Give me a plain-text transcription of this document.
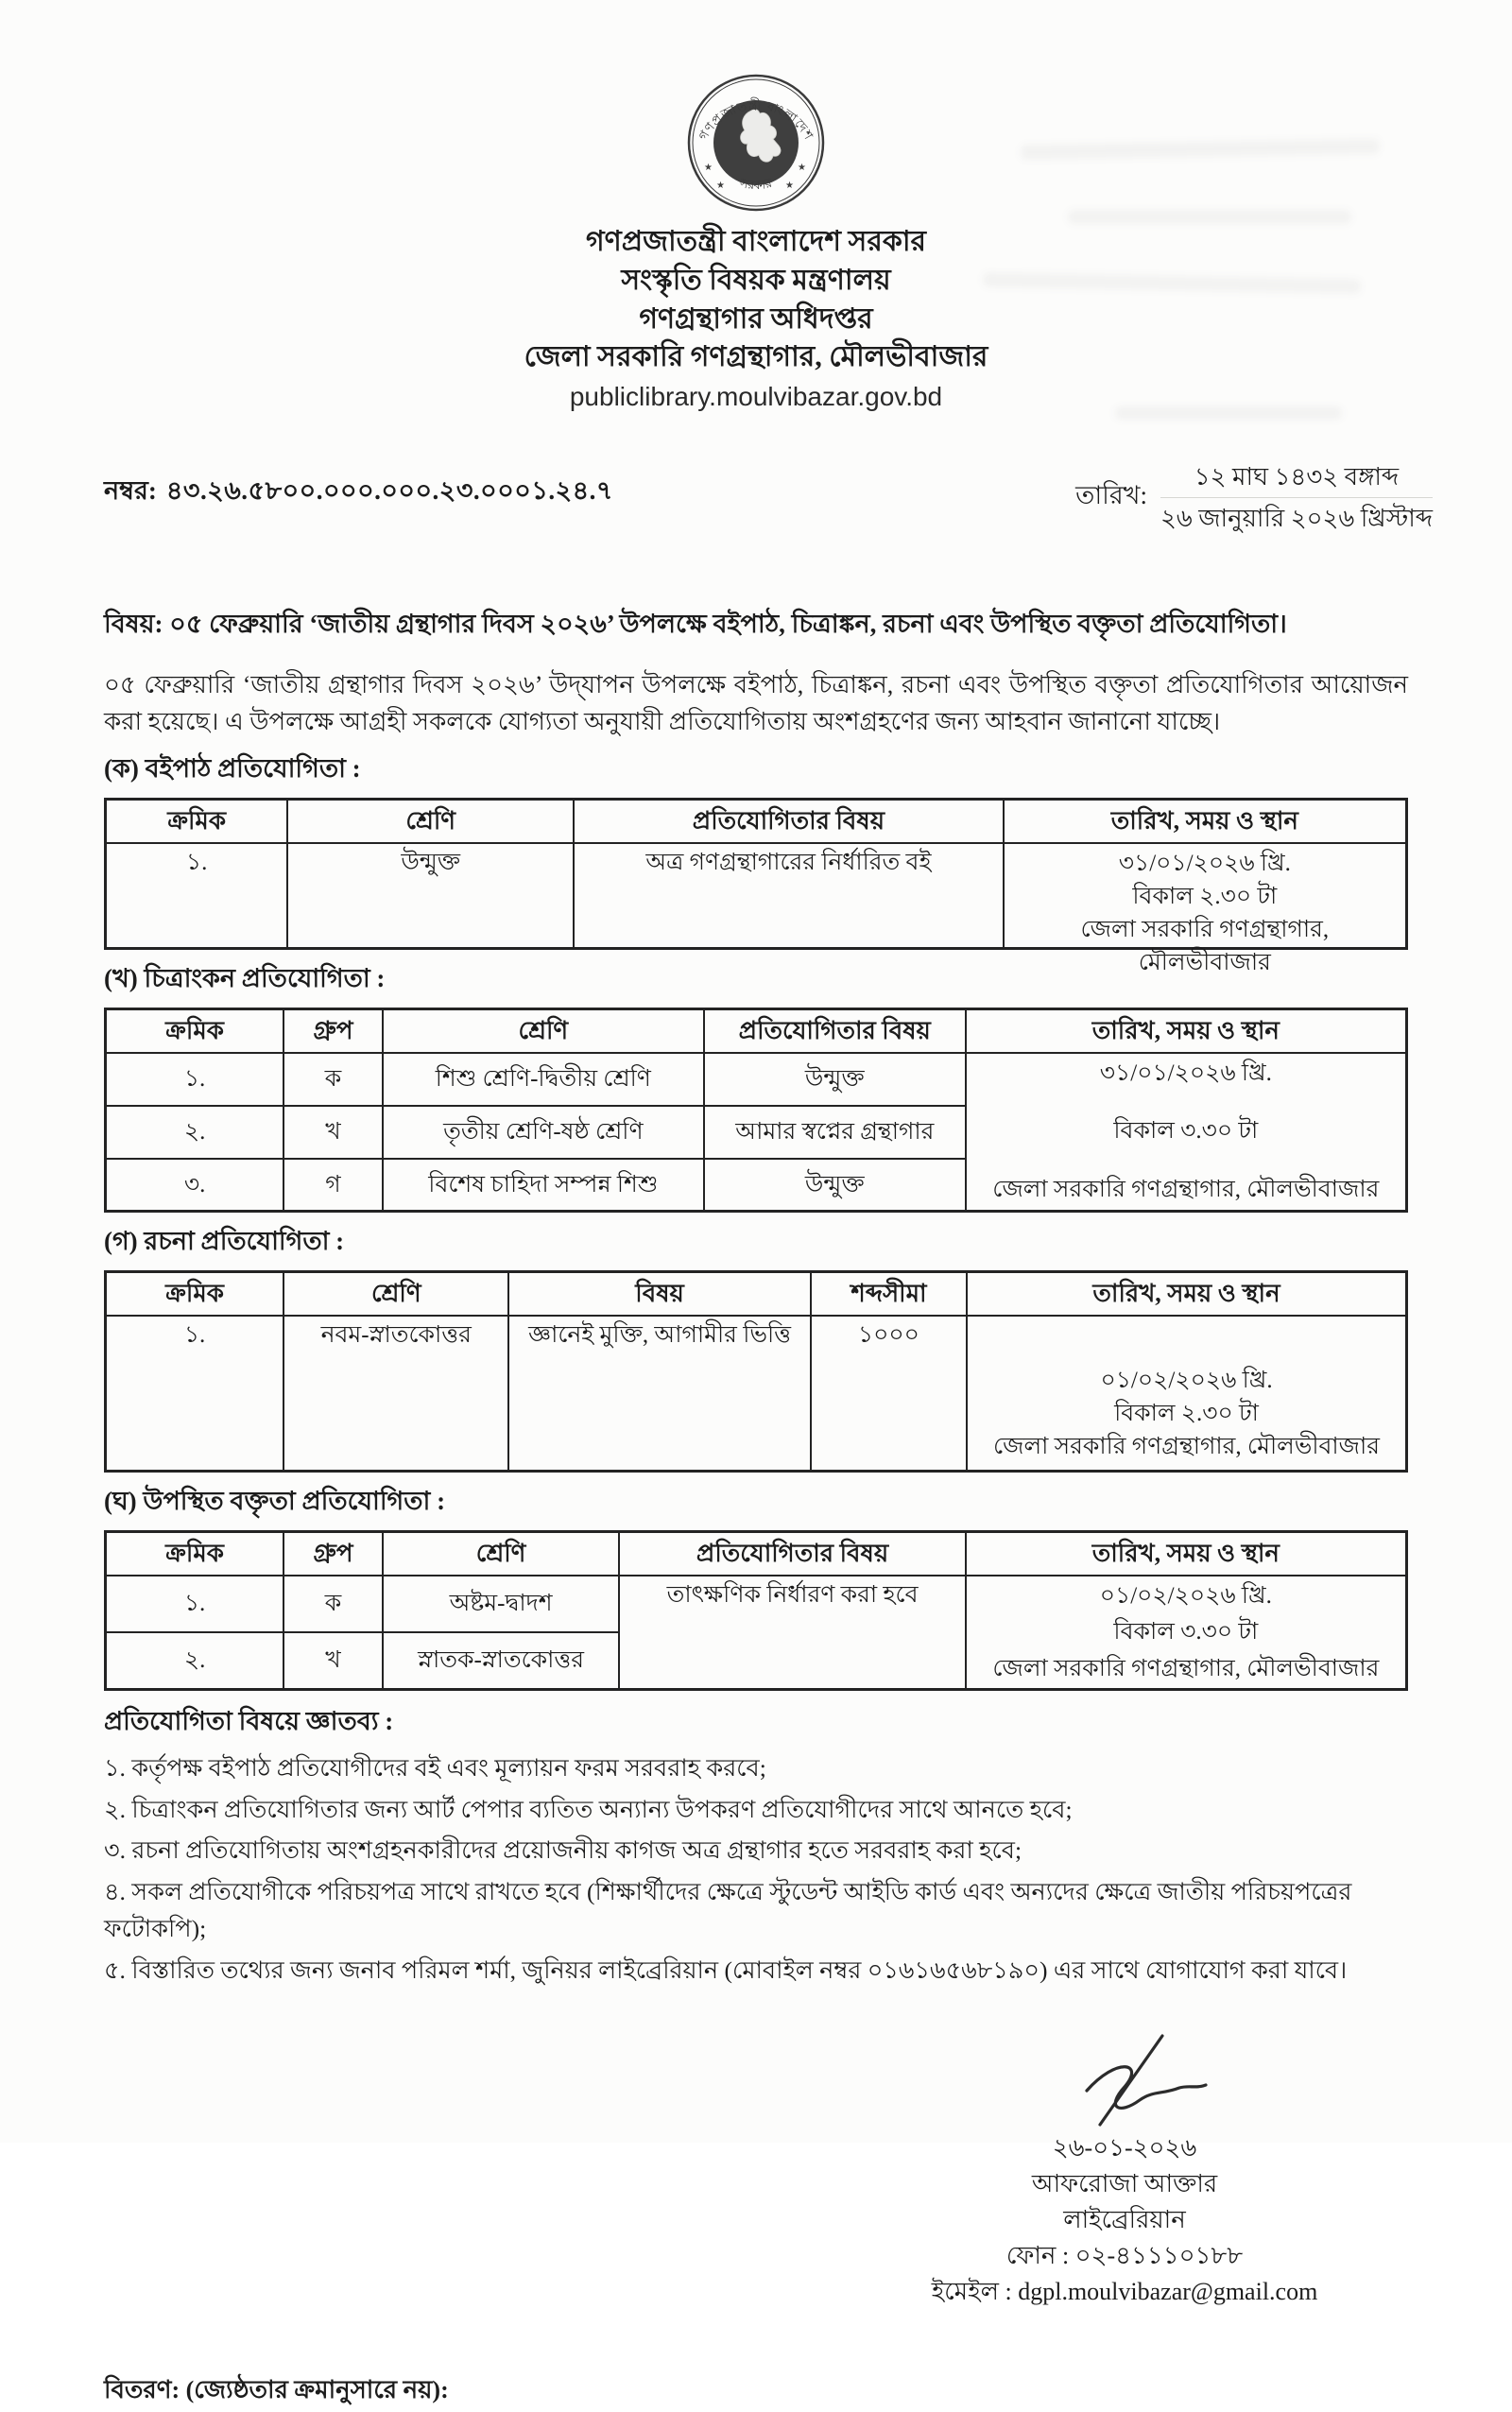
গণপ্রজাতন্ত্রী বাংলাদেশ
সরকার
★
★
★
★
গণপ্রজাতন্ত্রী বাংলাদেশ সরকার
সংস্কৃতি বিষয়ক মন্ত্রণালয়
গণগ্রন্থাগার অধিদপ্তর
জেলা সরকারি গণগ্রন্থাগার, মৌলভীবাজার
publiclibrary.moulvibazar.gov.bd
নম্বর: ৪৩.২৬.৫৮০০.০০০.০০০.২৩.০০০১.২৪.৭	তারিখ:
১২ মাঘ ১৪৩২ বঙ্গাব্দ
২৬ জানুয়ারি ২০২৬ খ্রিস্টাব্দ
বিষয়: ০৫ ফেব্রুয়ারি ‘জাতীয় গ্রন্থাগার দিবস ২০২৬’ উপলক্ষে বইপাঠ, চিত্রাঙ্কন, রচনা এবং উপস্থিত বক্তৃতা প্রতিযোগিতা।

০৫ ফেব্রুয়ারি ‘জাতীয় গ্রন্থাগার দিবস ২০২৬’ উদ্‌যাপন উপলক্ষে বইপাঠ, চিত্রাঙ্কন, রচনা এবং উপস্থিত বক্তৃতা প্রতিযোগিতার আয়োজন করা হয়েছে। এ উপলক্ষে আগ্রহী সকলকে যোগ্যতা অনুযায়ী প্রতিযোগিতায় অংশগ্রহণের জন্য আহবান জানানো যাচ্ছে।

(ক) বইপাঠ প্রতিযোগিতা :
ক্রমিক	শ্রেণি	প্রতিযোগিতার বিষয়	তারিখ, সময় ও স্থান
১.	উন্মুক্ত	অত্র গণগ্রন্থাগারের নির্ধারিত বই	৩১/০১/২০২৬ খ্রি.
বিকাল ২.৩০ টা
জেলা সরকারি গণগ্রন্থাগার, মৌলভীবাজার
(খ) চিত্রাংকন প্রতিযোগিতা :
ক্রমিক	গ্রুপ	শ্রেণি	প্রতিযোগিতার বিষয়	তারিখ, সময় ও স্থান
১.	ক	শিশু শ্রেণি-দ্বিতীয় শ্রেণি	উন্মুক্ত	৩১/০১/২০২৬ খ্রি.
বিকাল ৩.৩০ টা
জেলা সরকারি গণগ্রন্থাগার, মৌলভীবাজার

২.	খ	তৃতীয় শ্রেণি-ষষ্ঠ শ্রেণি	আমার স্বপ্নের গ্রন্থাগার	
৩.	গ	বিশেষ চাহিদা সম্পন্ন শিশু	উন্মুক্ত	
(গ) রচনা প্রতিযোগিতা :
ক্রমিক	শ্রেণি	বিষয়	শব্দসীমা	তারিখ, সময় ও স্থান
১.	নবম-স্নাতকোত্তর	জ্ঞানেই মুক্তি, আগামীর ভিত্তি	১০০০	০১/০২/২০২৬ খ্রি.
বিকাল ২.৩০ টা
জেলা সরকারি গণগ্রন্থাগার, মৌলভীবাজার
(ঘ) উপস্থিত বক্তৃতা প্রতিযোগিতা :
ক্রমিক	গ্রুপ	শ্রেণি	প্রতিযোগিতার বিষয়	তারিখ, সময় ও স্থান
১.	ক	অষ্টম-দ্বাদশ	তাৎক্ষণিক নির্ধারণ করা হবে	০১/০২/২০২৬ খ্রি.
বিকাল ৩.৩০ টা
জেলা সরকারি গণগ্রন্থাগার, মৌলভীবাজার

২.	খ	স্নাতক-স্নাতকোত্তর		
প্রতিযোগিতা বিষয়ে জ্ঞাতব্য :
১. কর্তৃপক্ষ বইপাঠ প্রতিযোগীদের বই এবং মূল্যায়ন ফরম সরবরাহ করবে;
২. চিত্রাংকন প্রতিযোগিতার জন্য আর্ট পেপার ব্যতিত অন্যান্য উপকরণ প্রতিযোগীদের সাথে আনতে হবে;
৩. রচনা প্রতিযোগিতায় অংশগ্রহনকারীদের প্রয়োজনীয় কাগজ অত্র গ্রন্থাগার হতে সরবরাহ করা হবে;
৪. সকল প্রতিযোগীকে পরিচয়পত্র সাথে রাখতে হবে (শিক্ষার্থীদের ক্ষেত্রে স্টুডেন্ট আইডি কার্ড এবং অন্যদের ক্ষেত্রে জাতীয় পরিচয়পত্রের ফটোকপি);
৫. বিস্তারিত তথ্যের জন্য জনাব পরিমল শর্মা, জুনিয়র লাইব্রেরিয়ান (মোবাইল নম্বর ০১৬১৬৫৬৮১৯০) এর সাথে যোগাযোগ করা যাবে।
২৬-০১-২০২৬
আফরোজা আক্তার
লাইব্রেরিয়ান
ফোন : ০২-৪১১১০১৮৮
ইমেইল : dgpl.moulvibazar@gmail.com
বিতরণ: (জ্যেষ্ঠতার ক্রমানুসারে নয়):
